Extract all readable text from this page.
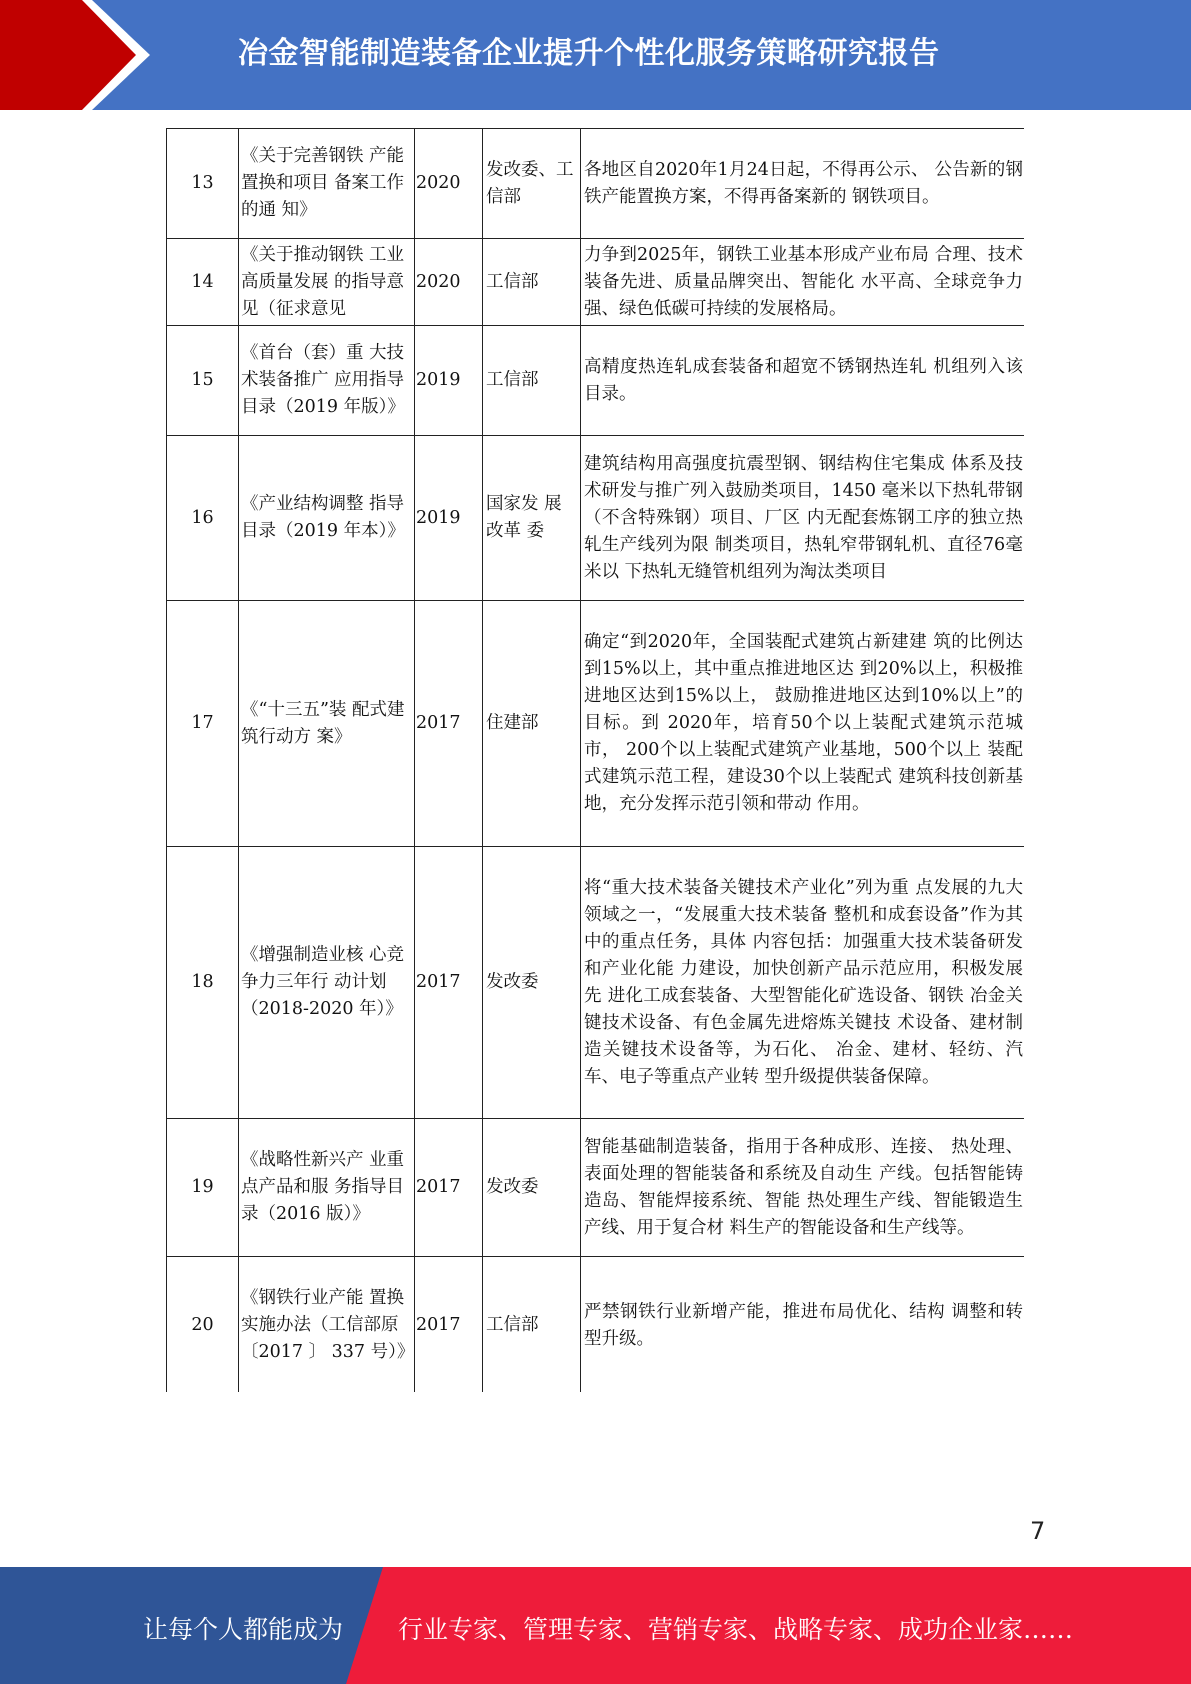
冶金智能制造装备企业提升个性化服务策略研究报告
13	《关于完善钢铁 产能置换和项目 备案工作的通 知》	2020	发改委、工信部	各地区自2020年1月24日起，不得再公示、 公告新的钢铁产能置换方案，不得再备案新的 钢铁项目。
14	《关于推动钢铁 工业高质量发展 的指导意见（征求意见	2020	工信部	力争到2025年，钢铁工业基本形成产业布局 合理、技术装备先进、质量品牌突出、智能化 水平高、全球竞争力强、绿色低碳可持续的发展格局。
15	《首台（套）重 大技术装备推广 应用指导目录（2019 年版）》	2019	工信部	高精度热连轧成套装备和超宽不锈钢热连轧 机组列入该目录。
16	《产业结构调整 指导目录（2019 年本）》	2019	国家发 展改革 委	建筑结构用高强度抗震型钢、钢结构住宅集成 体系及技术研发与推广列入鼓励类项目，1450 毫米以下热轧带钢（不含特殊钢）项目、厂区 内无配套炼钢工序的独立热轧生产线列为限 制类项目，热轧窄带钢轧机、直径76毫米以 下热轧无缝管机组列为淘汰类项目
17	《“十三五”装 配式建筑行动方 案》	2017	住建部	确定“到2020年，全国装配式建筑占新建建 筑的比例达到15%以上，其中重点推进地区达 到20%以上，积极推进地区达到15%以上， 鼓励推进地区达到10%以上”的目标。到 2020年，培育50个以上装配式建筑示范城市， 200个以上装配式建筑产业基地，500个以上 装配式建筑示范工程，建设30个以上装配式 建筑科技创新基地，充分发挥示范引领和带动 作用。
18	《增强制造业核 心竞争力三年行 动计划（2018-2020 年）》	2017	发改委	将“重大技术装备关键技术产业化”列为重 点发展的九大领域之一，“发展重大技术装备 整机和成套设备”作为其中的重点任务，具体 内容包括：加强重大技术装备研发和产业化能 力建设，加快创新产品示范应用，积极发展先 进化工成套装备、大型智能化矿选设备、钢铁 冶金关键技术设备、有色金属先进熔炼关键技 术设备、建材制造关键技术设备等，为石化、 冶金、建材、轻纺、汽车、电子等重点产业转 型升级提供装备保障。
19	《战略性新兴产 业重点产品和服 务指导目录（2016 版）》	2017	发改委	智能基础制造装备，指用于各种成形、连接、 热处理、表面处理的智能装备和系统及自动生 产线。包括智能铸造岛、智能焊接系统、智能 热处理生产线、智能锻造生产线、用于复合材 料生产的智能设备和生产线等。
20	《钢铁行业产能 置换实施办法（工信部原〔2017 〕 337 号）》	2017	工信部	严禁钢铁行业新增产能，推进布局优化、结构 调整和转型升级。
7
让每个人都能成为 行业专家、管理专家、营销专家、战略专家、成功企业家……
